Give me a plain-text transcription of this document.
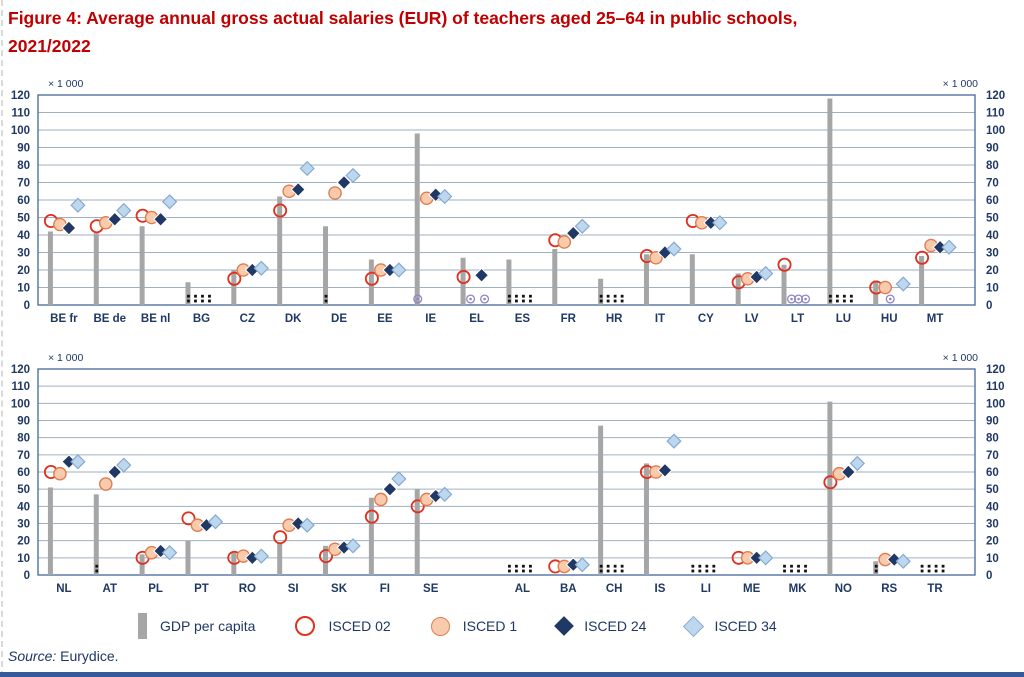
Figure 4: Average annual gross actual salaries (EUR) of teachers aged 25–64 in public schools,
2021/2022
0	0
10	10
20	20
30	30
40	40
50	50
60	60
70	70
80	80
90	90
100	100
110	110
120	120
× 1 000	× 1 000
BE fr BE de BE nl BG	CZ	DK	DE	EE	IE	EL	ES	FR	HR	IT	CY	LV	LT	LU	HU	MT
0	0
10	10
20	20
30	30
40	40
50	50
60	60
70	70
80	80
90	90
100	100
110	110
120	120
× 1 000	× 1 000
NL	AT	PL	PT	RO	SI	SK	FI	SE	AL	BA	CH	IS	LI	ME MK NO	RS	TR
GDP per capita	ISCED 02	ISCED 1	ISCED 24	ISCED 34
Source: Eurydice.
